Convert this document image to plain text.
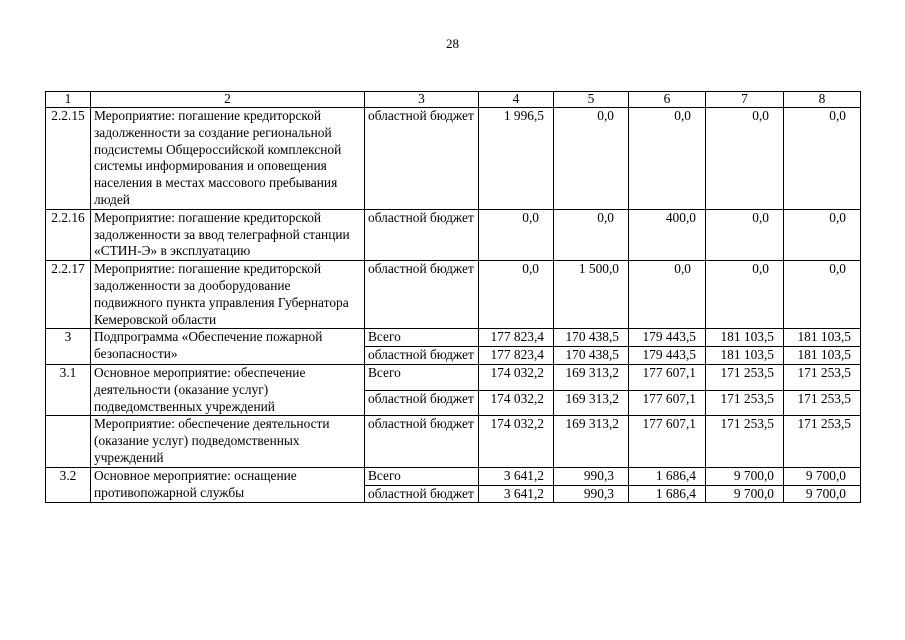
28
1	2	3	4	5	6	7	8
2.2.15	Мероприятие: погашение кредиторской задолженности за создание региональной подсистемы Общероссийской комплексной системы информирования и оповещения населения в местах массового пребывания людей	областной бюджет	1 996,5	0,0	0,0	0,0	0,0
2.2.16	Мероприятие: погашение кредиторской задолженности за ввод телеграфной станции «СТИН-Э» в эксплуатацию	областной бюджет	0,0	0,0	400,0	0,0	0,0
2.2.17	Мероприятие: погашение кредиторской задолженности за дооборудование подвижного пункта управления Губернатора Кемеровской области	областной бюджет	0,0	1 500,0	0,0	0,0	0,0
3	Подпрограмма «Обеспечение пожарной безопасности»	Всего	177 823,4	170 438,5	179 443,5	181 103,5	181 103,5
		областной бюджет	177 823,4	170 438,5	179 443,5	181 103,5	181 103,5
3.1	Основное мероприятие: обеспечение деятельности (оказание услуг) подведомственных учреждений	Всего	174 032,2	169 313,2	177 607,1	171 253,5	171 253,5
		областной бюджет	174 032,2	169 313,2	177 607,1	171 253,5	171 253,5
	Мероприятие: обеспечение деятельности (оказание услуг) подведомственных учреждений	областной бюджет	174 032,2	169 313,2	177 607,1	171 253,5	171 253,5
3.2	Основное мероприятие: оснащение противопожарной службы	Всего	3 641,2	990,3	1 686,4	9 700,0	9 700,0
		областной бюджет	3 641,2	990,3	1 686,4	9 700,0	9 700,0
